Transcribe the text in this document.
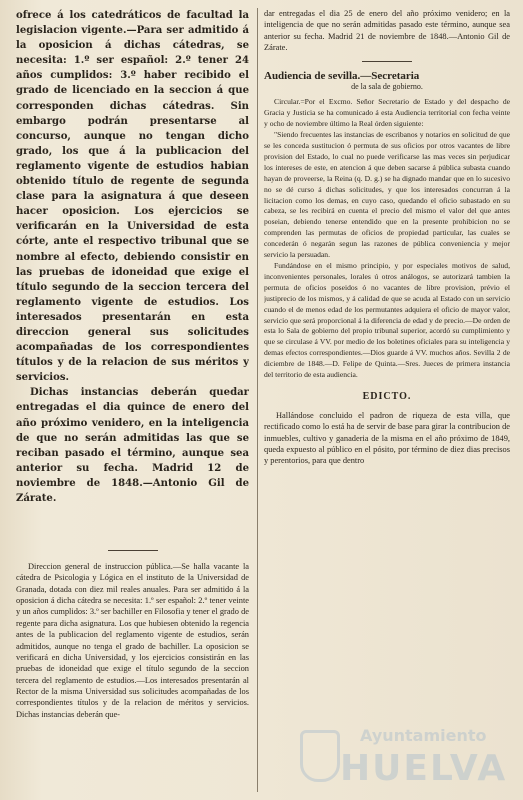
ofrece á los catedráticos de facultad la legislacion vigente.—Para ser admitido á la oposicion á dichas cátedras, se necesita: 1.º ser español: 2.º tener 24 años cumplidos: 3.º haber recibido el grado de licenciado en la seccion á que corresponden dichas cátedras. Sin embargo podrán presentarse al concurso, aunque no tengan dicho grado, los que á la publicacion del reglamento vigente de estudios habian obtenido título de regente de segunda clase para la asignatura á que deseen hacer oposicion. Los ejercicios se verificarán en la Universidad de esta córte, ante el respectivo tribunal que se nombre al efecto, debiendo consistir en las pruebas de idoneidad que exige el título segundo de la seccion tercera del reglamento vigente de estudios. Los interesados presentarán en esta direccion general sus solicitudes acompañadas de los correspondientes títulos y de la relacion de sus méritos y servicios.

Dichas instancias deberán quedar entregadas el dia quince de enero del año próximo venidero, en la inteligencia de que no serán admitidas las que se reciban pasado el término, aunque sea anterior su fecha. Madrid 12 de noviembre de 1848.—Antonio Gil de Zárate.

Direccion general de instruccion pública.—Se halla vacante la cátedra de Psicologia y Lógica en el instituto de la Universidad de Granada, dotada con diez mil reales anuales. Para ser admitido á la oposicion á dicha cátedra se necesita: 1.º ser español: 2.º tener veinte y un años cumplidos: 3.º ser bachiller en Filosofia y tener el grado de regente para dicha asignatura. Los que hubiesen obtenido la regencia antes de la publicacion del reglamento vigente de estudios, serán admitidos, aunque no tenga el grado de bachiller. La oposicion se verificará en dicha Universidad, y los ejercicios consistirán en las pruebas de idoneidad que exige el título segundo de la seccion tercera del reglamento de estudios.—Los interesados presentarán al Rector de la misma Universidad sus solicitudes acompañadas de los correspondientes títulos y de la relacion de méritos y servicios. Dichas instancias deberán que-

dar entregadas el dia 25 de enero del año próximo venidero; en la inteligencia de que no serán admitidas pasado este término, aunque sea anterior su fecha. Madrid 21 de noviembre de 1848.—Antonio Gil de Zárate.

Audiencia de sevilla.—Secretaria

de la sala de gobierno.

Circular.=Por el Excmo. Señor Secretario de Estado y del despacho de Gracia y Justicia se ha comunicado á esta Audiencia territorial con fecha veinte y ocho de noviembre último la Real órden siguiente:

"Siendo frecuentes las instancias de escribanos y notarios en solicitud de que se les conceda sustitucion ó permuta de sus oficios por otros vacantes de libre provision del Estado, lo cual no puede verificarse las mas veces sin perjudicar los intereses de este, en atencion á que deben sacarse á pública subasta cuando hayan de proveerse, la Reina (q. D. g.) se ha dignado mandar que en lo sucesivo no se dé curso á dichas solicitudes, y que los interesados concurran á la licitacion como los demas, en cuyo caso, quedando el oficio subastado en su cabeza, se les recibirá en cuenta el precio del mismo el valor del que antes poseian, debiendo tenerse entendido que en la presente prohibicion no se comprenden las permutas de oficios de propiedad particular, las cuales se concederán ó negarán segun las razones de pública conveniencia y mejor servicio la persuadan.

Fundándose en el mismo principio, y por especiales motivos de salud, inconvenientes personales, lorales ú otros análogos, se autorizará tambien la permuta de oficios poseidos ó no vacantes de libre provision, prévio el justiprecio de los mismos, y á calidad de que se acuda al Estado con un servicio cuando el de menos edad de los permutantes adquiera el oficio de mayor valor, servicio que será proporcional á la diferencia de edad y de precio.—De orden de esta lo Sala de gobierno del propio tribunal superior, acordó su cumplimiento y que se circulase á VV. por medio de los boletines oficiales para su inteligencia y demas efectos correspondientes.—Dios guarde á VV. muchos años. Sevilla 2 de diciembre de 1848.—D. Felipe de Quinta.—Sres. Jueces de primera instancia del territorio de esta audiencia.

EDICTO.

Hallándose concluido el padron de riqueza de esta villa, que rectificado como lo está ha de servir de base para girar la contribucion de inmuebles, cultivo y ganaderia de la misma en el año próximo de 1849, queda expuesto al público en el pósito, por término de diez dias precisos y perentorios, para que dentro

Ayuntamiento
HUELVA
